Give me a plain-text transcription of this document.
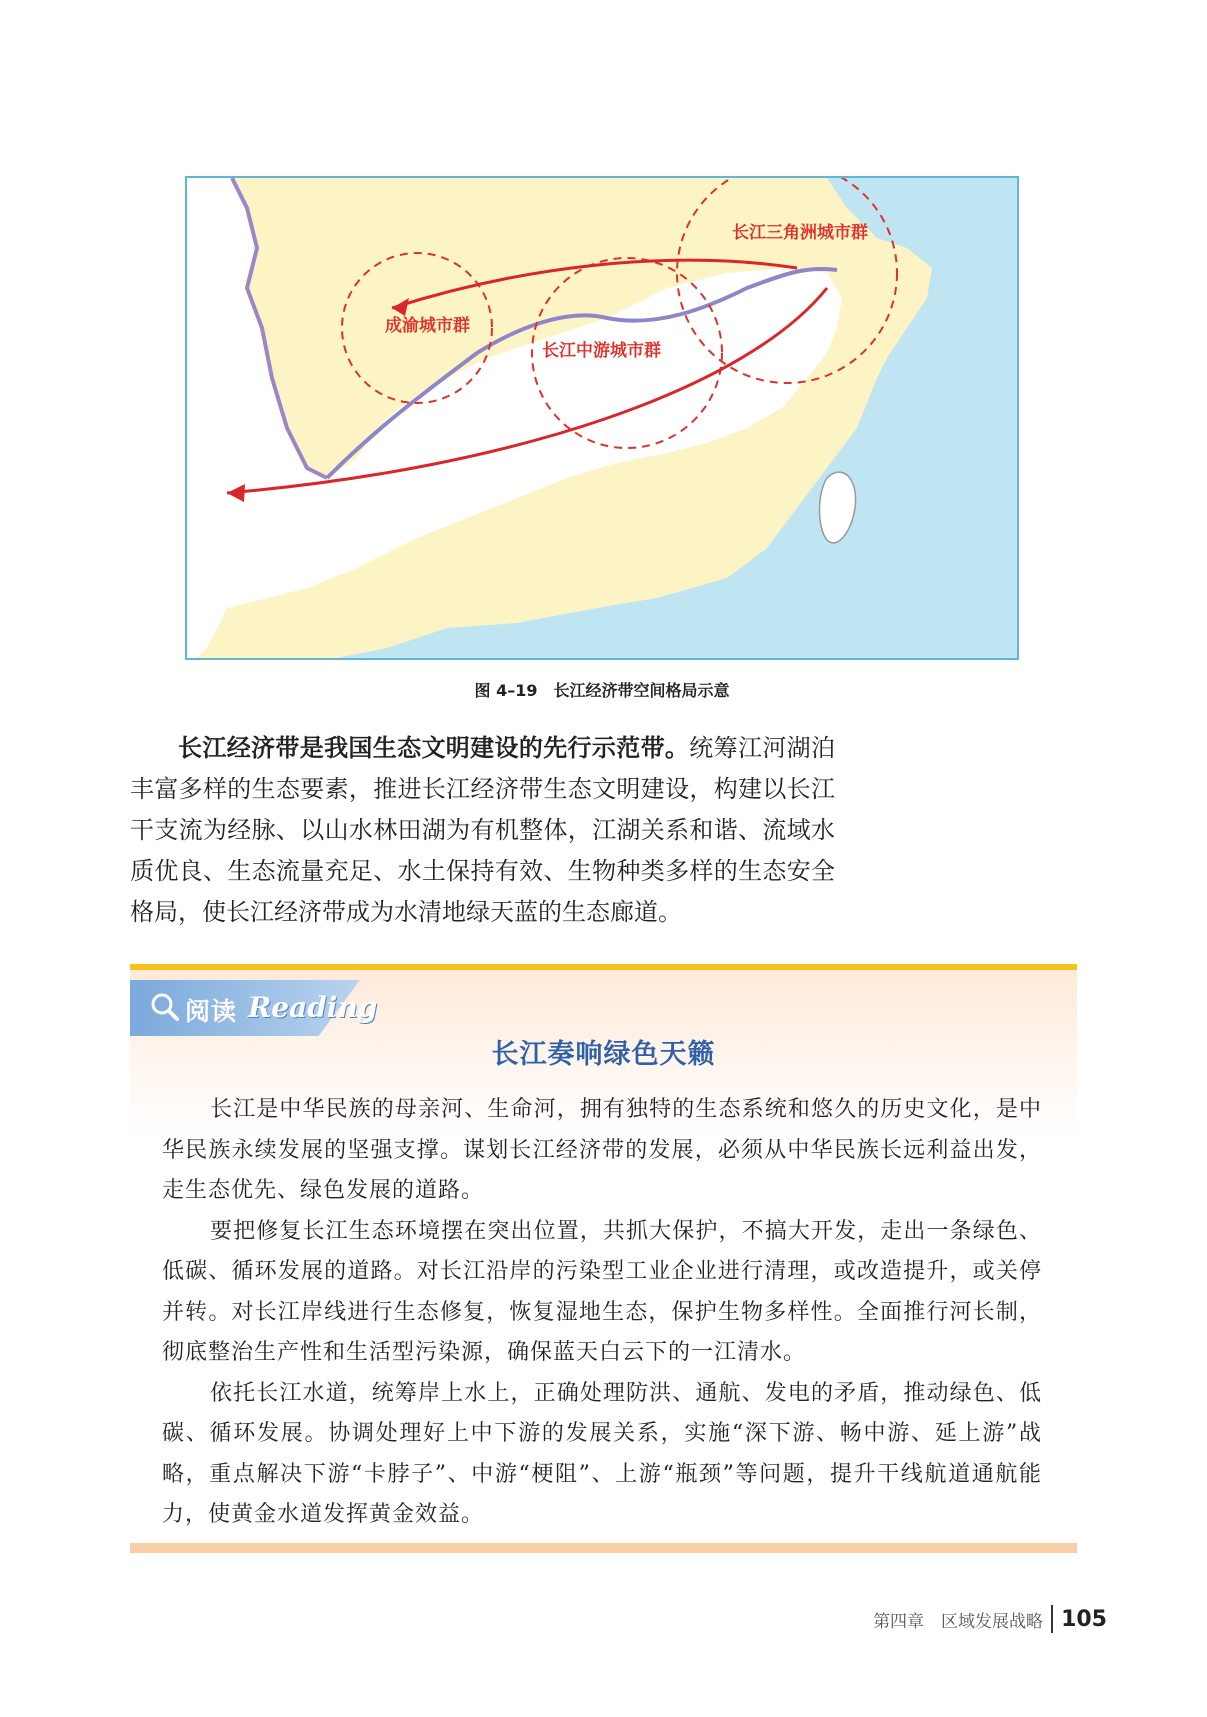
成渝城市群
长江中游城市群
长江三角洲城市群
图 4–19　长江经济带空间格局示意

长江经济带是我国生态文明建设的先行示范带。统筹江河湖泊丰富多样的生态要素，推进长江经济带生态文明建设，构建以长江干支流为经脉、以山水林田湖为有机整体，江湖关系和谐、流域水质优良、生态流量充足、水土保持有效、生物种类多样的生态安全格局，使长江经济带成为水清地绿天蓝的生态廊道。

阅读 Reading
长江奏响绿色天籁

长江是中华民族的母亲河、生命河，拥有独特的生态系统和悠久的历史文化，是中华民族永续发展的坚强支撑。谋划长江经济带的发展，必须从中华民族长远利益出发，走生态优先、绿色发展的道路。

要把修复长江生态环境摆在突出位置，共抓大保护，不搞大开发，走出一条绿色、低碳、循环发展的道路。对长江沿岸的污染型工业企业进行清理，或改造提升，或关停并转。对长江岸线进行生态修复，恢复湿地生态，保护生物多样性。全面推行河长制，彻底整治生产性和生活型污染源，确保蓝天白云下的一江清水。

依托长江水道，统筹岸上水上，正确处理防洪、通航、发电的矛盾，推动绿色、低碳、循环发展。协调处理好上中下游的发展关系，实施“深下游、畅中游、延上游”战略，重点解决下游“卡脖子”、中游“梗阻”、上游“瓶颈”等问题，提升干线航道通航能力，使黄金水道发挥黄金效益。

第四章　区域发展战略 105
